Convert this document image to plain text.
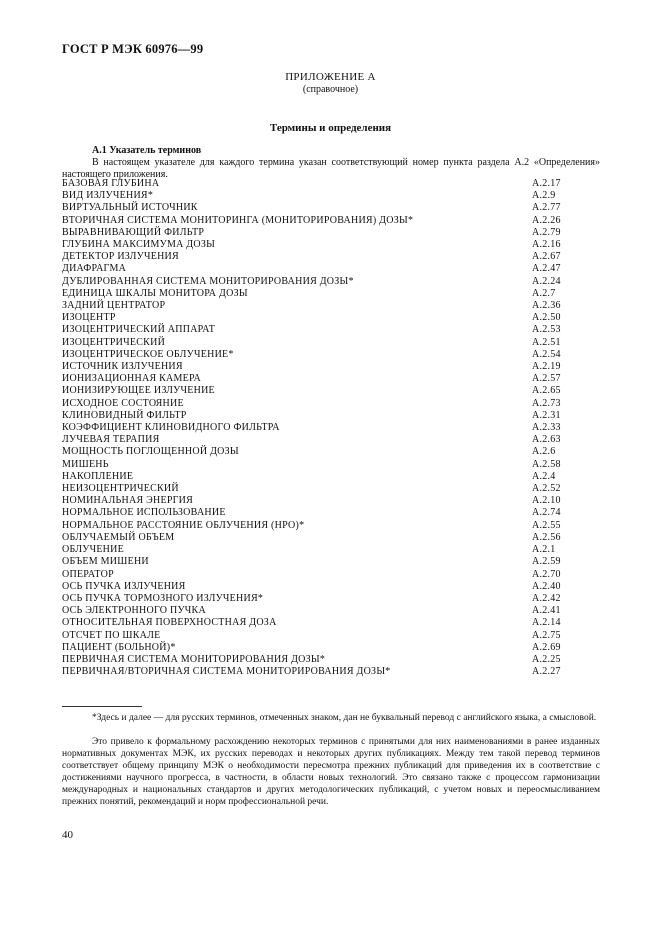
ГОСТ Р МЭК 60976—99
ПРИЛОЖЕНИЕ А
(справочное)
Термины и определения
А.1 Указатель терминов

В настоящем указателе для каждого термина указан соответствующий номер пункта раздела А.2 «Определения» настоящего приложения.

БАЗОВАЯ ГЛУБИНА	А.2.17
ВИД ИЗЛУЧЕНИЯ*	А.2.9
ВИРТУАЛЬНЫЙ ИСТОЧНИК	А.2.77
ВТОРИЧНАЯ СИСТЕМА МОНИТОРИНГА (МОНИТОРИРОВАНИЯ) ДОЗЫ*	А.2.26
ВЫРАВНИВАЮЩИЙ ФИЛЬТР	А.2.79
ГЛУБИНА МАКСИМУМА ДОЗЫ	А.2.16
ДЕТЕКТОР ИЗЛУЧЕНИЯ	А.2.67
ДИАФРАГМА	А.2.47
ДУБЛИРОВАННАЯ СИСТЕМА МОНИТОРИРОВАНИЯ ДОЗЫ*	А.2.24
ЕДИНИЦА ШКАЛЫ МОНИТОРА ДОЗЫ	А.2.7
ЗАДНИЙ ЦЕНТРАТОР	А.2.36
ИЗОЦЕНТР	А.2.50
ИЗОЦЕНТРИЧЕСКИЙ АППАРАТ	А.2.53
ИЗОЦЕНТРИЧЕСКИЙ	А.2.51
ИЗОЦЕНТРИЧЕСКОЕ ОБЛУЧЕНИЕ*	А.2.54
ИСТОЧНИК ИЗЛУЧЕНИЯ	А.2.19
ИОНИЗАЦИОННАЯ КАМЕРА	А.2.57
ИОНИЗИРУЮЩЕЕ ИЗЛУЧЕНИЕ	А.2.65
ИСХОДНОЕ СОСТОЯНИЕ	А.2.73
КЛИНОВИДНЫЙ ФИЛЬТР	А.2.31
КОЭФФИЦИЕНТ КЛИНОВИДНОГО ФИЛЬТРА	А.2.33
ЛУЧЕВАЯ ТЕРАПИЯ	А.2.63
МОЩНОСТЬ ПОГЛОЩЕННОЙ ДОЗЫ	А.2.6
МИШЕНЬ	А.2.58
НАКОПЛЕНИЕ	А.2.4
НЕИЗОЦЕНТРИЧЕСКИЙ	А.2.52
НОМИНАЛЬНАЯ ЭНЕРГИЯ	А.2.10
НОРМАЛЬНОЕ ИСПОЛЬЗОВАНИЕ	А.2.74
НОРМАЛЬНОЕ РАССТОЯНИЕ ОБЛУЧЕНИЯ (НРО)*	А.2.55
ОБЛУЧАЕМЫЙ ОБЪЕМ	А.2.56
ОБЛУЧЕНИЕ	А.2.1
ОБЪЕМ МИШЕНИ	А.2.59
ОПЕРАТОР	А.2.70
ОСЬ ПУЧКА ИЗЛУЧЕНИЯ	А.2.40
ОСЬ ПУЧКА ТОРМОЗНОГО ИЗЛУЧЕНИЯ*	А.2.42
ОСЬ ЭЛЕКТРОННОГО ПУЧКА	А.2.41
ОТНОСИТЕЛЬНАЯ ПОВЕРХНОСТНАЯ ДОЗА	А.2.14
ОТСЧЕТ ПО ШКАЛЕ	А.2.75
ПАЦИЕНТ (БОЛЬНОЙ)*	А.2.69
ПЕРВИЧНАЯ СИСТЕМА МОНИТОРИРОВАНИЯ ДОЗЫ*	А.2.25
ПЕРВИЧНАЯ/ВТОРИЧНАЯ СИСТЕМА МОНИТОРИРОВАНИЯ ДОЗЫ*	А.2.27

*Здесь и далее — для русских терминов, отмеченных знаком, дан не буквальный перевод с английского языка, а смысловой.

Это привело к формальному расхождению некоторых терминов с принятыми для них наименованиями в ранее изданных нормативных документах МЭК, их русских переводах и некоторых других публикациях. Между тем такой перевод терминов соответствует общему принципу МЭК о необходимости пересмотра прежних публикаций для приведения их в соответствие с достижениями научного прогресса, в частности, в области новых технологий. Это связано также с процессом гармонизации международных и национальных стандартов и других методологических публикаций, с учетом новых и переосмысливанием прежних понятий, рекомендаций и норм профессиональной речи.

40
